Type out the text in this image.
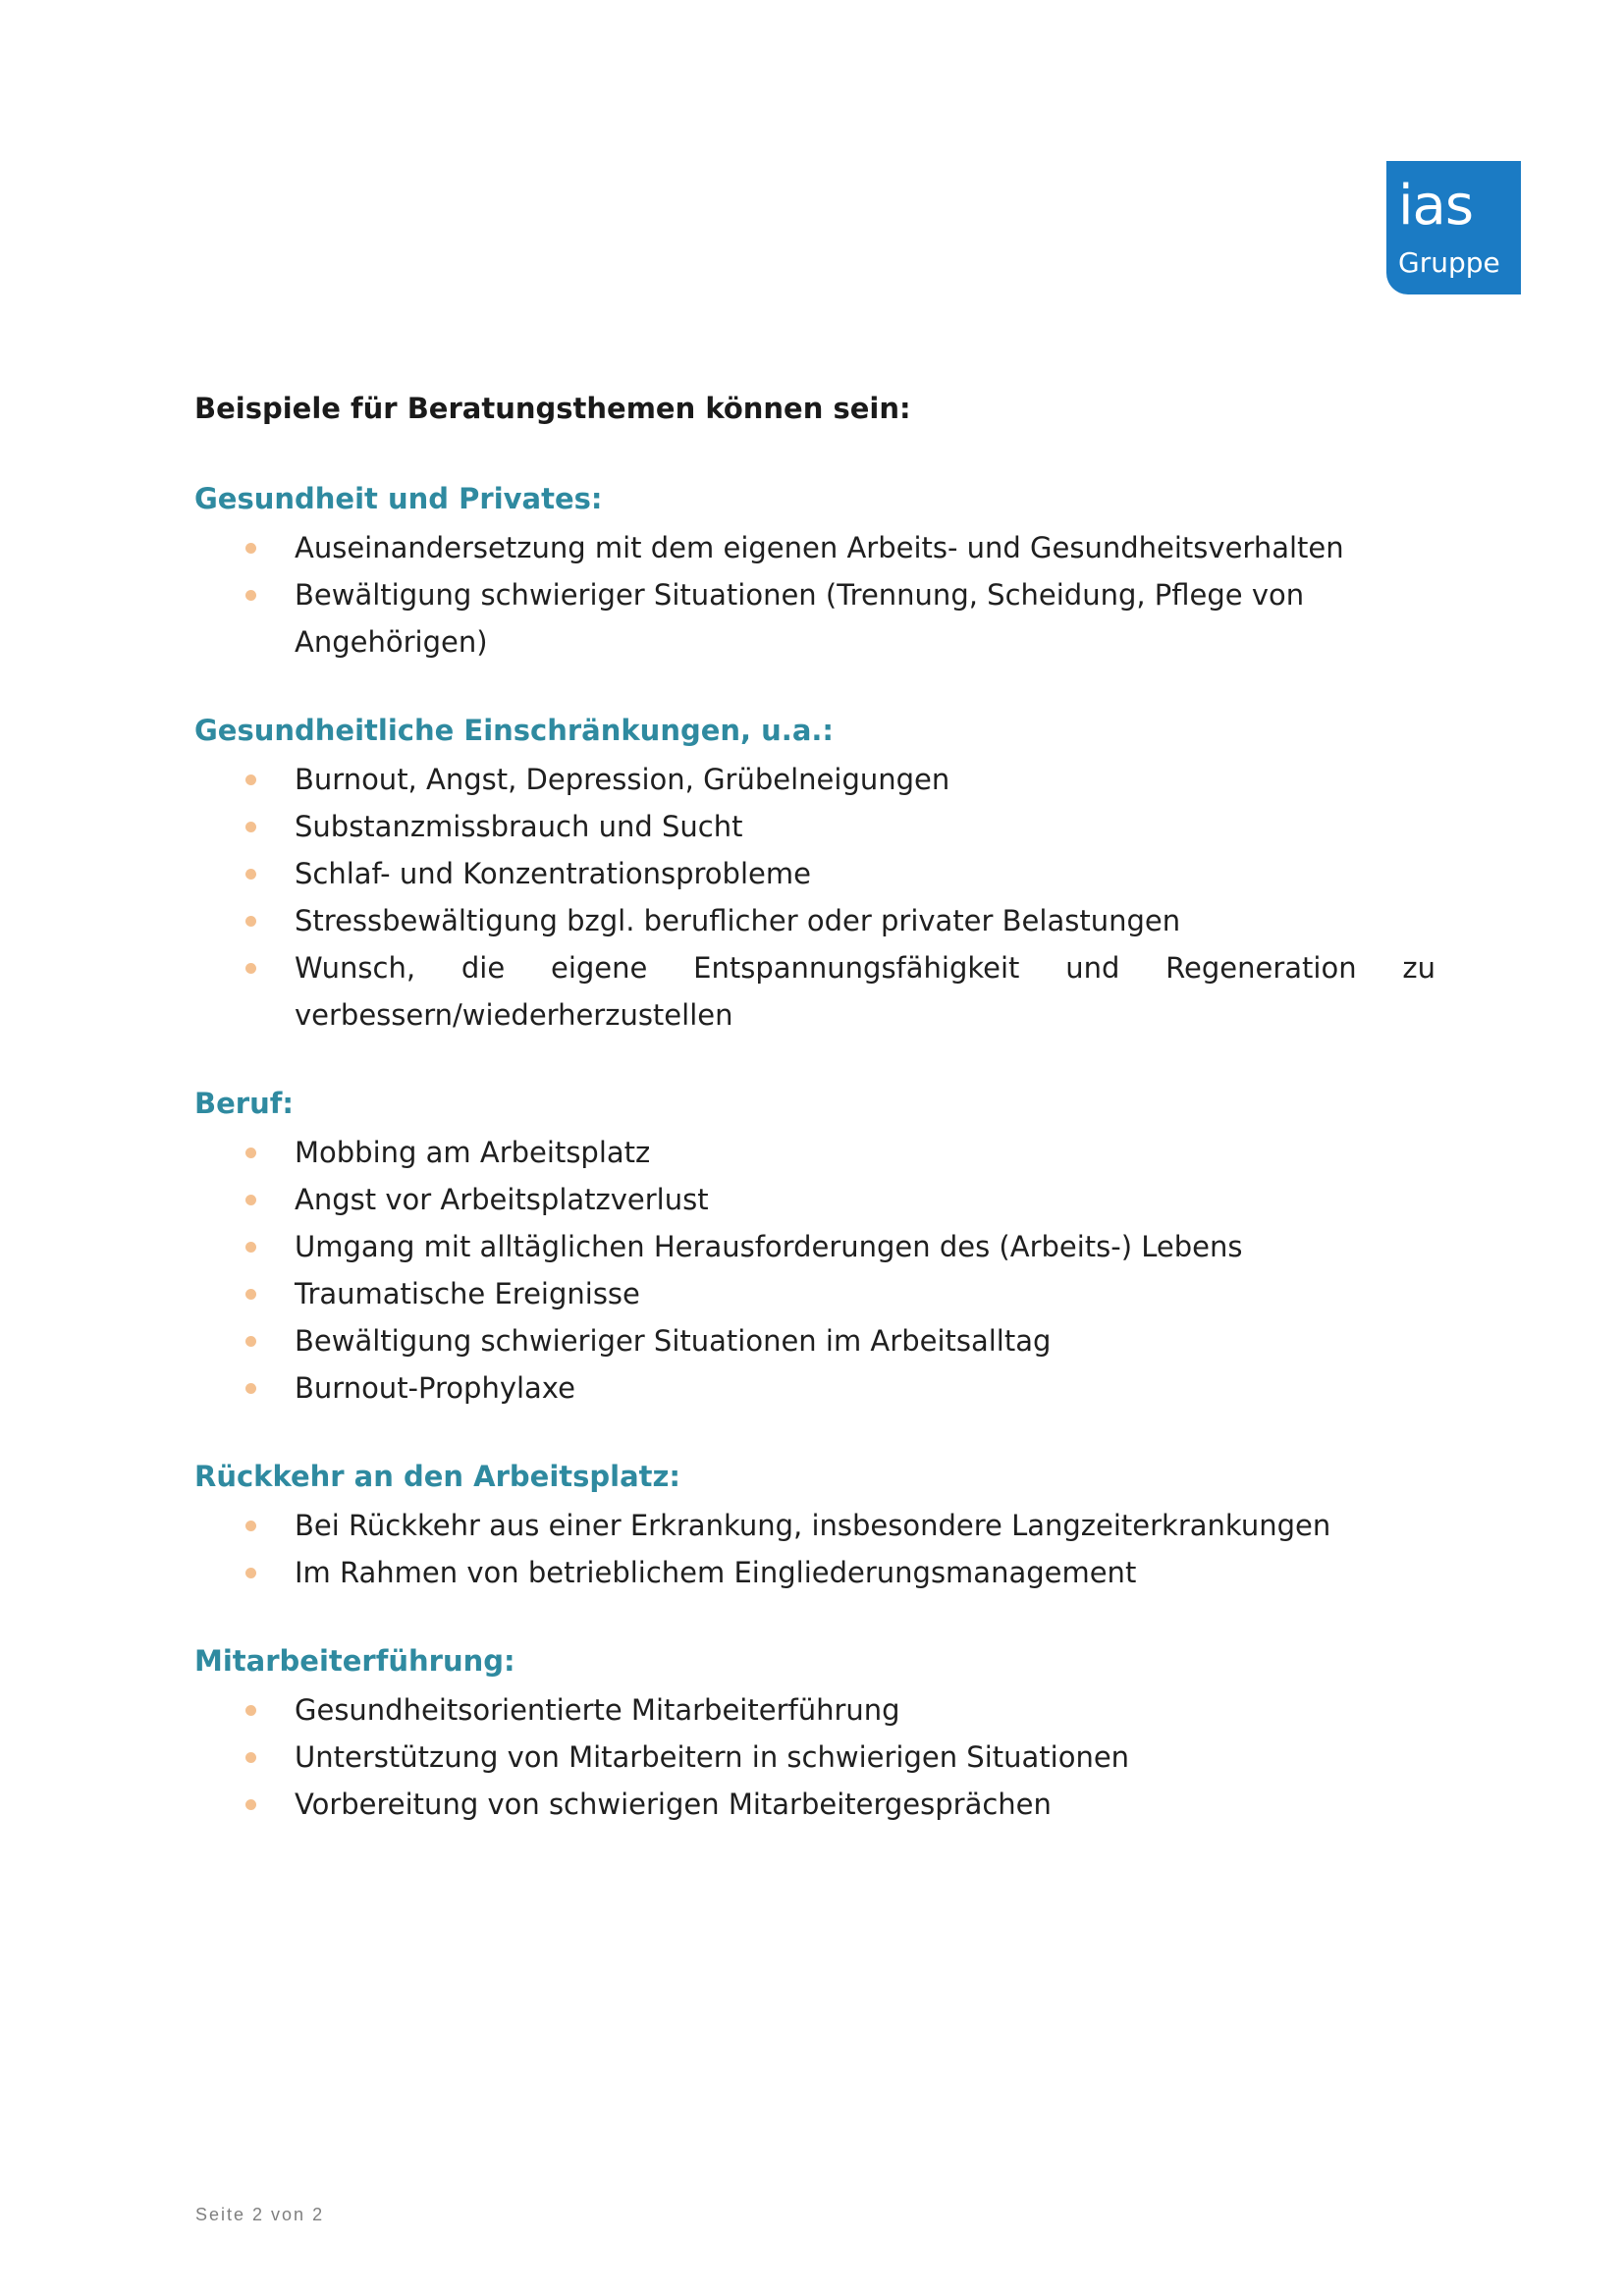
ias
Gruppe
Beispiele für Beratungsthemen können sein:
Gesundheit und Privates:
Auseinandersetzung mit dem eigenen Arbeits- und Gesundheitsverhalten
Bewältigung schwieriger Situationen (Trennung, Scheidung, Pflege von Angehörigen)
Gesundheitliche Einschränkungen, u.a.:
Burnout, Angst, Depression, Grübelneigungen
Substanzmissbrauch und Sucht
Schlaf- und Konzentrationsprobleme
Stressbewältigung bzgl. beruflicher oder privater Belastungen
Wunsch, die eigene Entspannungsfähigkeit und Regeneration zu verbessern/wiederherzustellen
Beruf:
Mobbing am Arbeitsplatz
Angst vor Arbeitsplatzverlust
Umgang mit alltäglichen Herausforderungen des (Arbeits-) Lebens
Traumatische Ereignisse
Bewältigung schwieriger Situationen im Arbeitsalltag
Burnout-Prophylaxe
Rückkehr an den Arbeitsplatz:
Bei Rückkehr aus einer Erkrankung, insbesondere Langzeiterkrankungen
Im Rahmen von betrieblichem Eingliederungsmanagement
Mitarbeiterführung:
Gesundheitsorientierte Mitarbeiterführung
Unterstützung von Mitarbeitern in schwierigen Situationen
Vorbereitung von schwierigen Mitarbeitergesprächen
Seite 2 von 2
